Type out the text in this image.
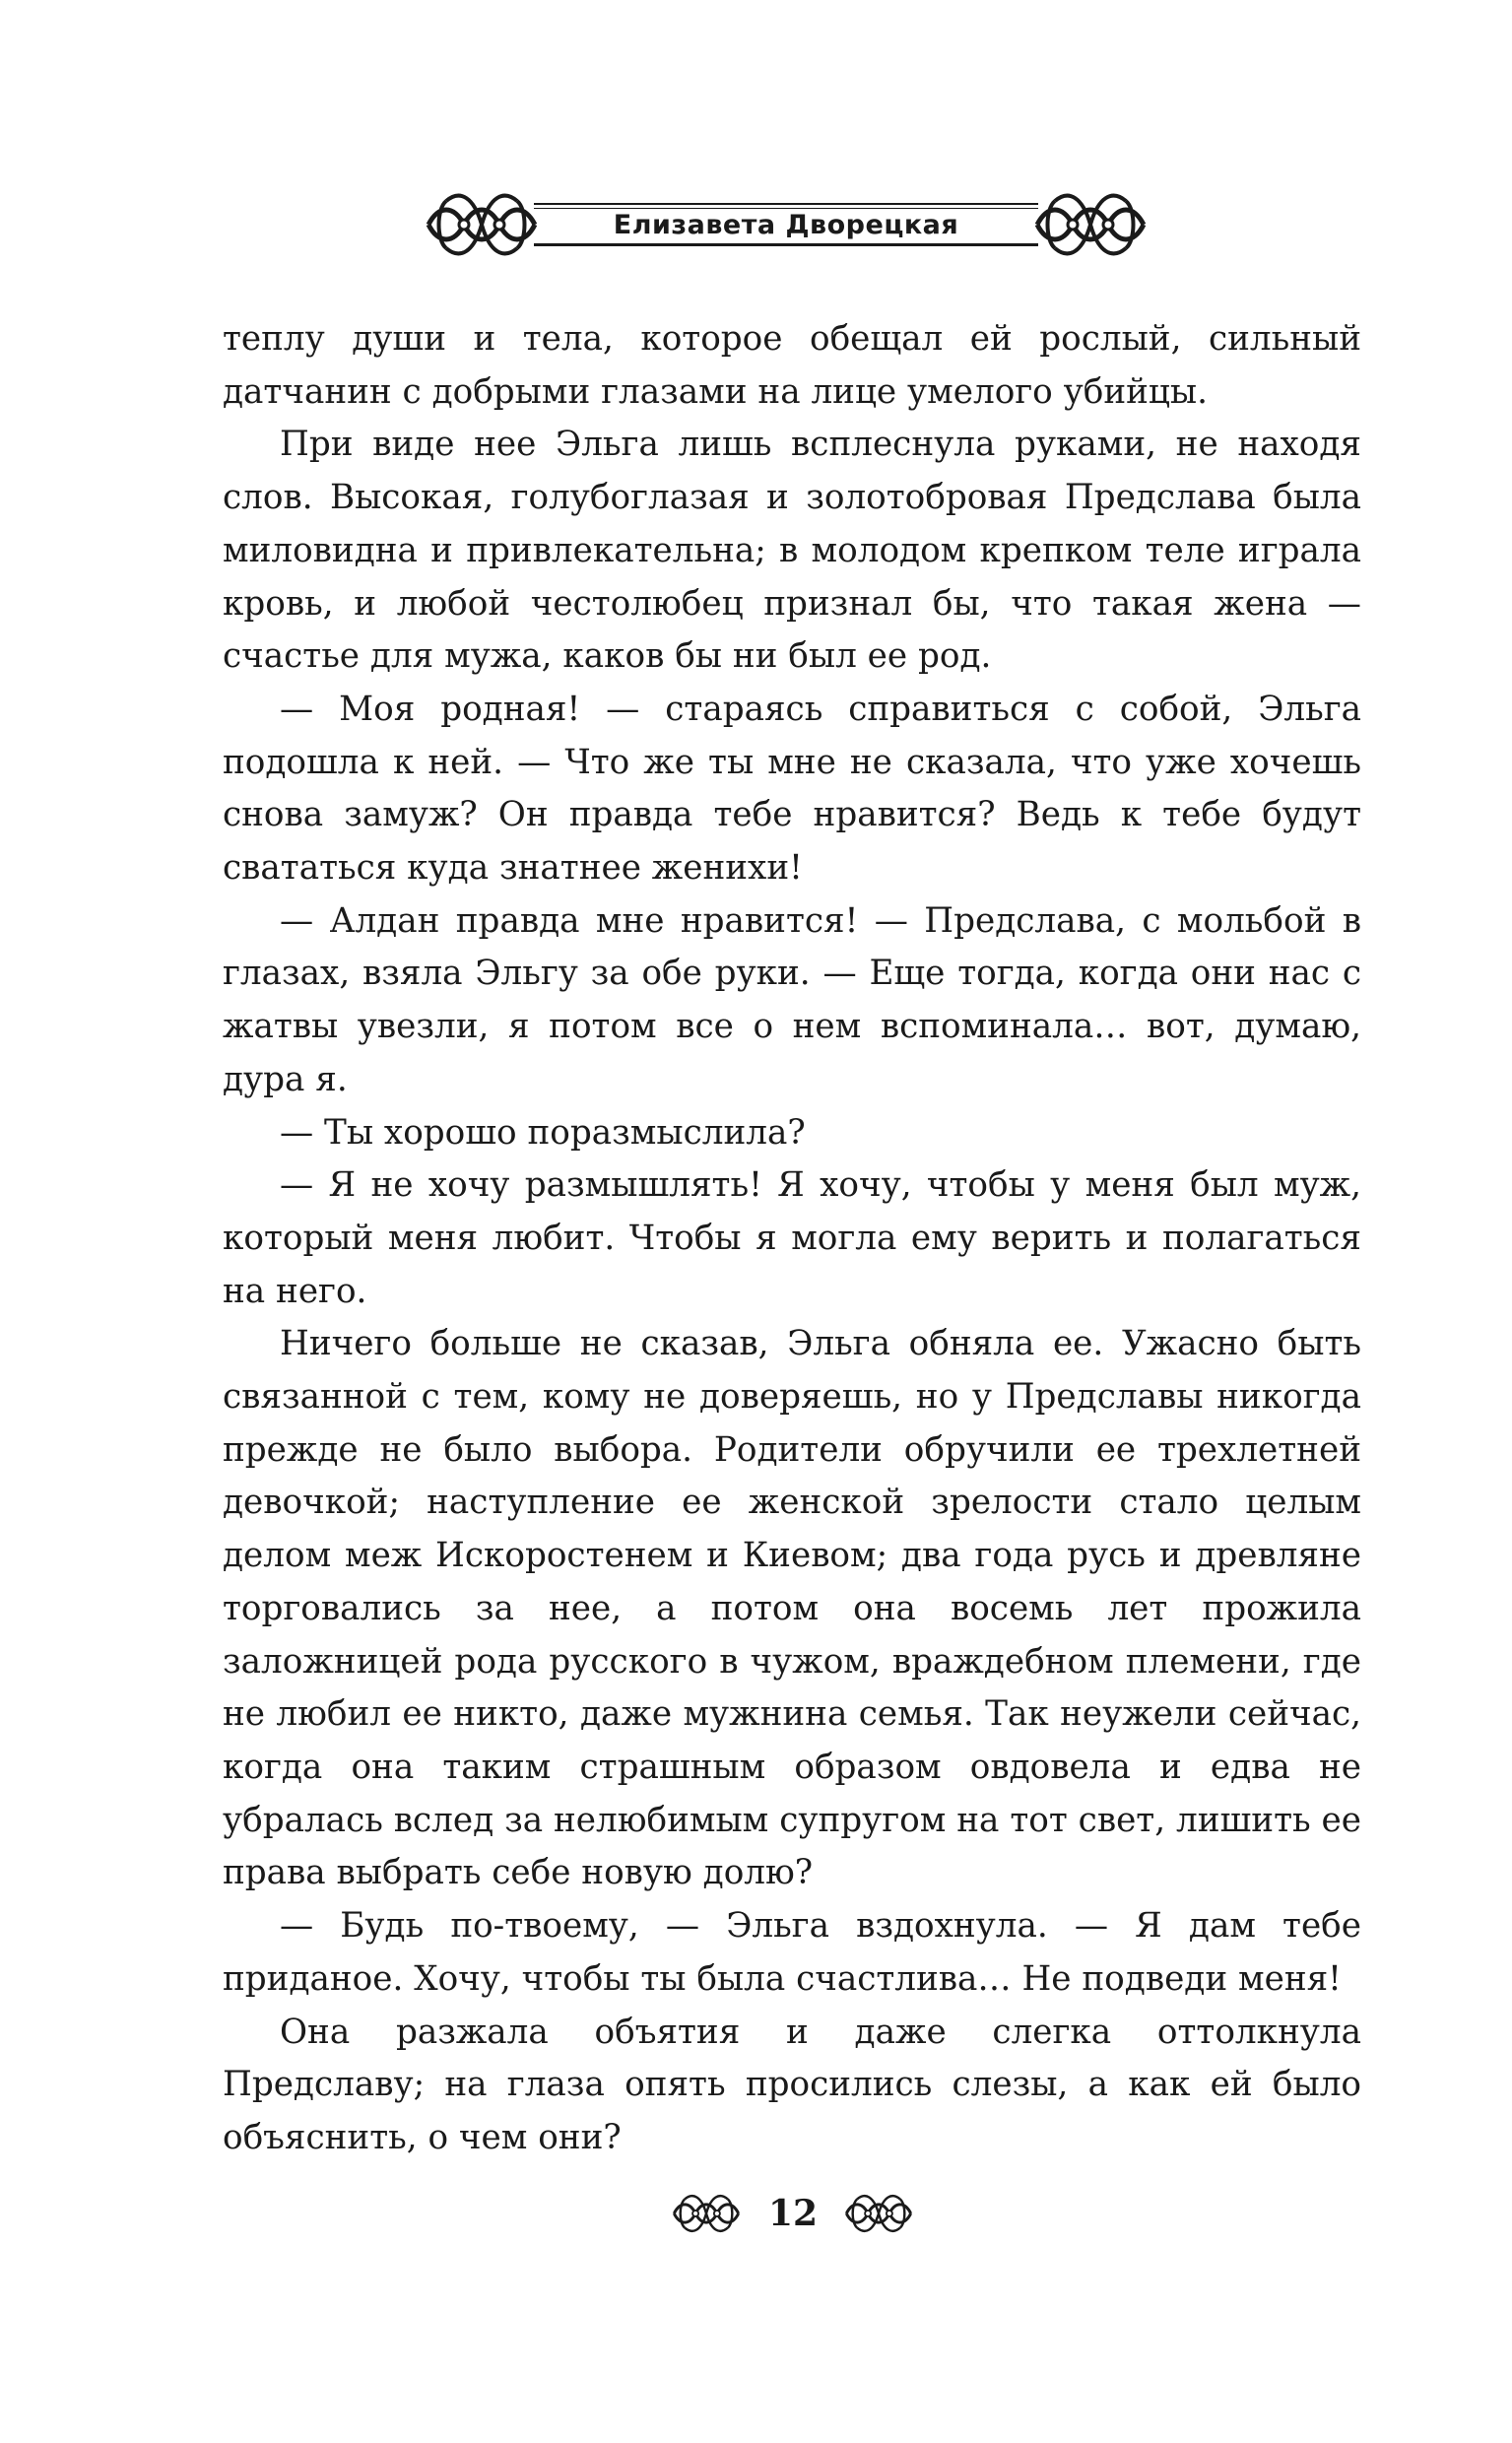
Елизавета Дворецкая

теплу души и тела, которое обещал ей рослый, сильный датчанин с добрыми глазами на лице умелого убийцы.

При виде нее Эльга лишь всплеснула руками, не находя слов. Высокая, голубоглазая и золотобровая Предслава была миловидна и привлекательна; в молодом крепком теле играла кровь, и любой честолюбец признал бы, что такая жена — счастье для мужа, каков бы ни был ее род.

— Моя родная! — стараясь справиться с собой, Эльга подошла к ней. — Что же ты мне не сказала, что уже хочешь снова замуж? Он правда тебе нравится? Ведь к тебе будут свататься куда знатнее женихи!

— Алдан правда мне нравится! — Предслава, с мольбой в глазах, взяла Эльгу за обе руки. — Еще тогда, когда они нас с жатвы увезли, я потом все о нем вспоминала… вот, думаю, дура я.

— Ты хорошо поразмыслила?

— Я не хочу размышлять! Я хочу, чтобы у меня был муж, который меня любит. Чтобы я могла ему верить и полагаться на него.

Ничего больше не сказав, Эльга обняла ее. Ужасно быть связанной с тем, кому не доверяешь, но у Предславы никогда прежде не было выбора. Родители обручили ее трехлетней девочкой; наступление ее женской зрелости стало целым делом меж Искоростенем и Киевом; два года русь и древляне торговались за нее, а потом она восемь лет прожила заложницей рода русского в чужом, враждебном племени, где не любил ее никто, даже мужнина семья. Так неужели сейчас, когда она таким страшным образом овдовела и едва не убралась вслед за нелюбимым супругом на тот свет, лишить ее права выбрать себе новую долю?

— Будь по-твоему, — Эльга вздохнула. — Я дам тебе приданое. Хочу, чтобы ты была счастлива… Не подведи меня!

Она разжала объятия и даже слегка оттолкнула Предславу; на глаза опять просились слезы, а как ей было объяснить, о чем они?

12
